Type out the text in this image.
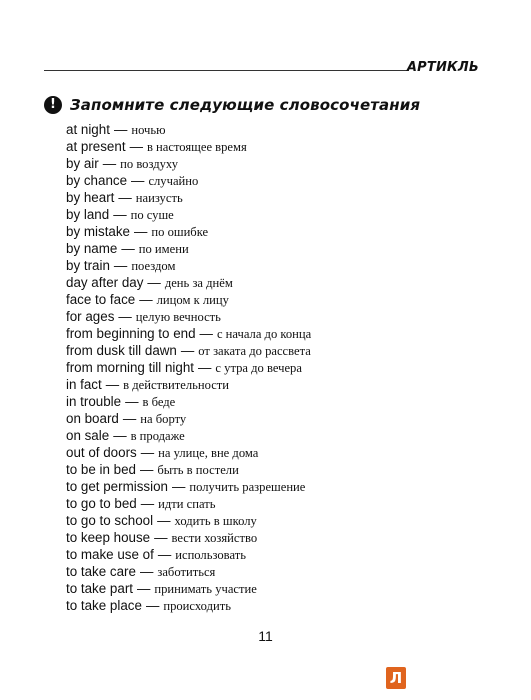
АРТИКЛЬ
! Запомните следующие словосочетания
at night — ночью
at present — в настоящее время
by air — по воздуху
by chance — случайно
by heart — наизусть
by land — по суше
by mistake — по ошибке
by name — по имени
by train — поездом
day after day — день за днём
face to face — лицом к лицу
for ages — целую вечность
from beginning to end — с начала до конца
from dusk till dawn — от заката до рассвета
from morning till night — с утра до вечера
in fact — в действительности
in trouble — в беде
on board — на борту
on sale — в продаже
out of doors — на улице, вне дома
to be in bed — быть в постели
to get permission — получить разрешение
to go to bed — идти спать
to go to school — ходить в школу
to keep house — вести хозяйство
to make use of — использовать
to take care — заботиться
to take part — принимать участие
to take place — происходить
11
Л
